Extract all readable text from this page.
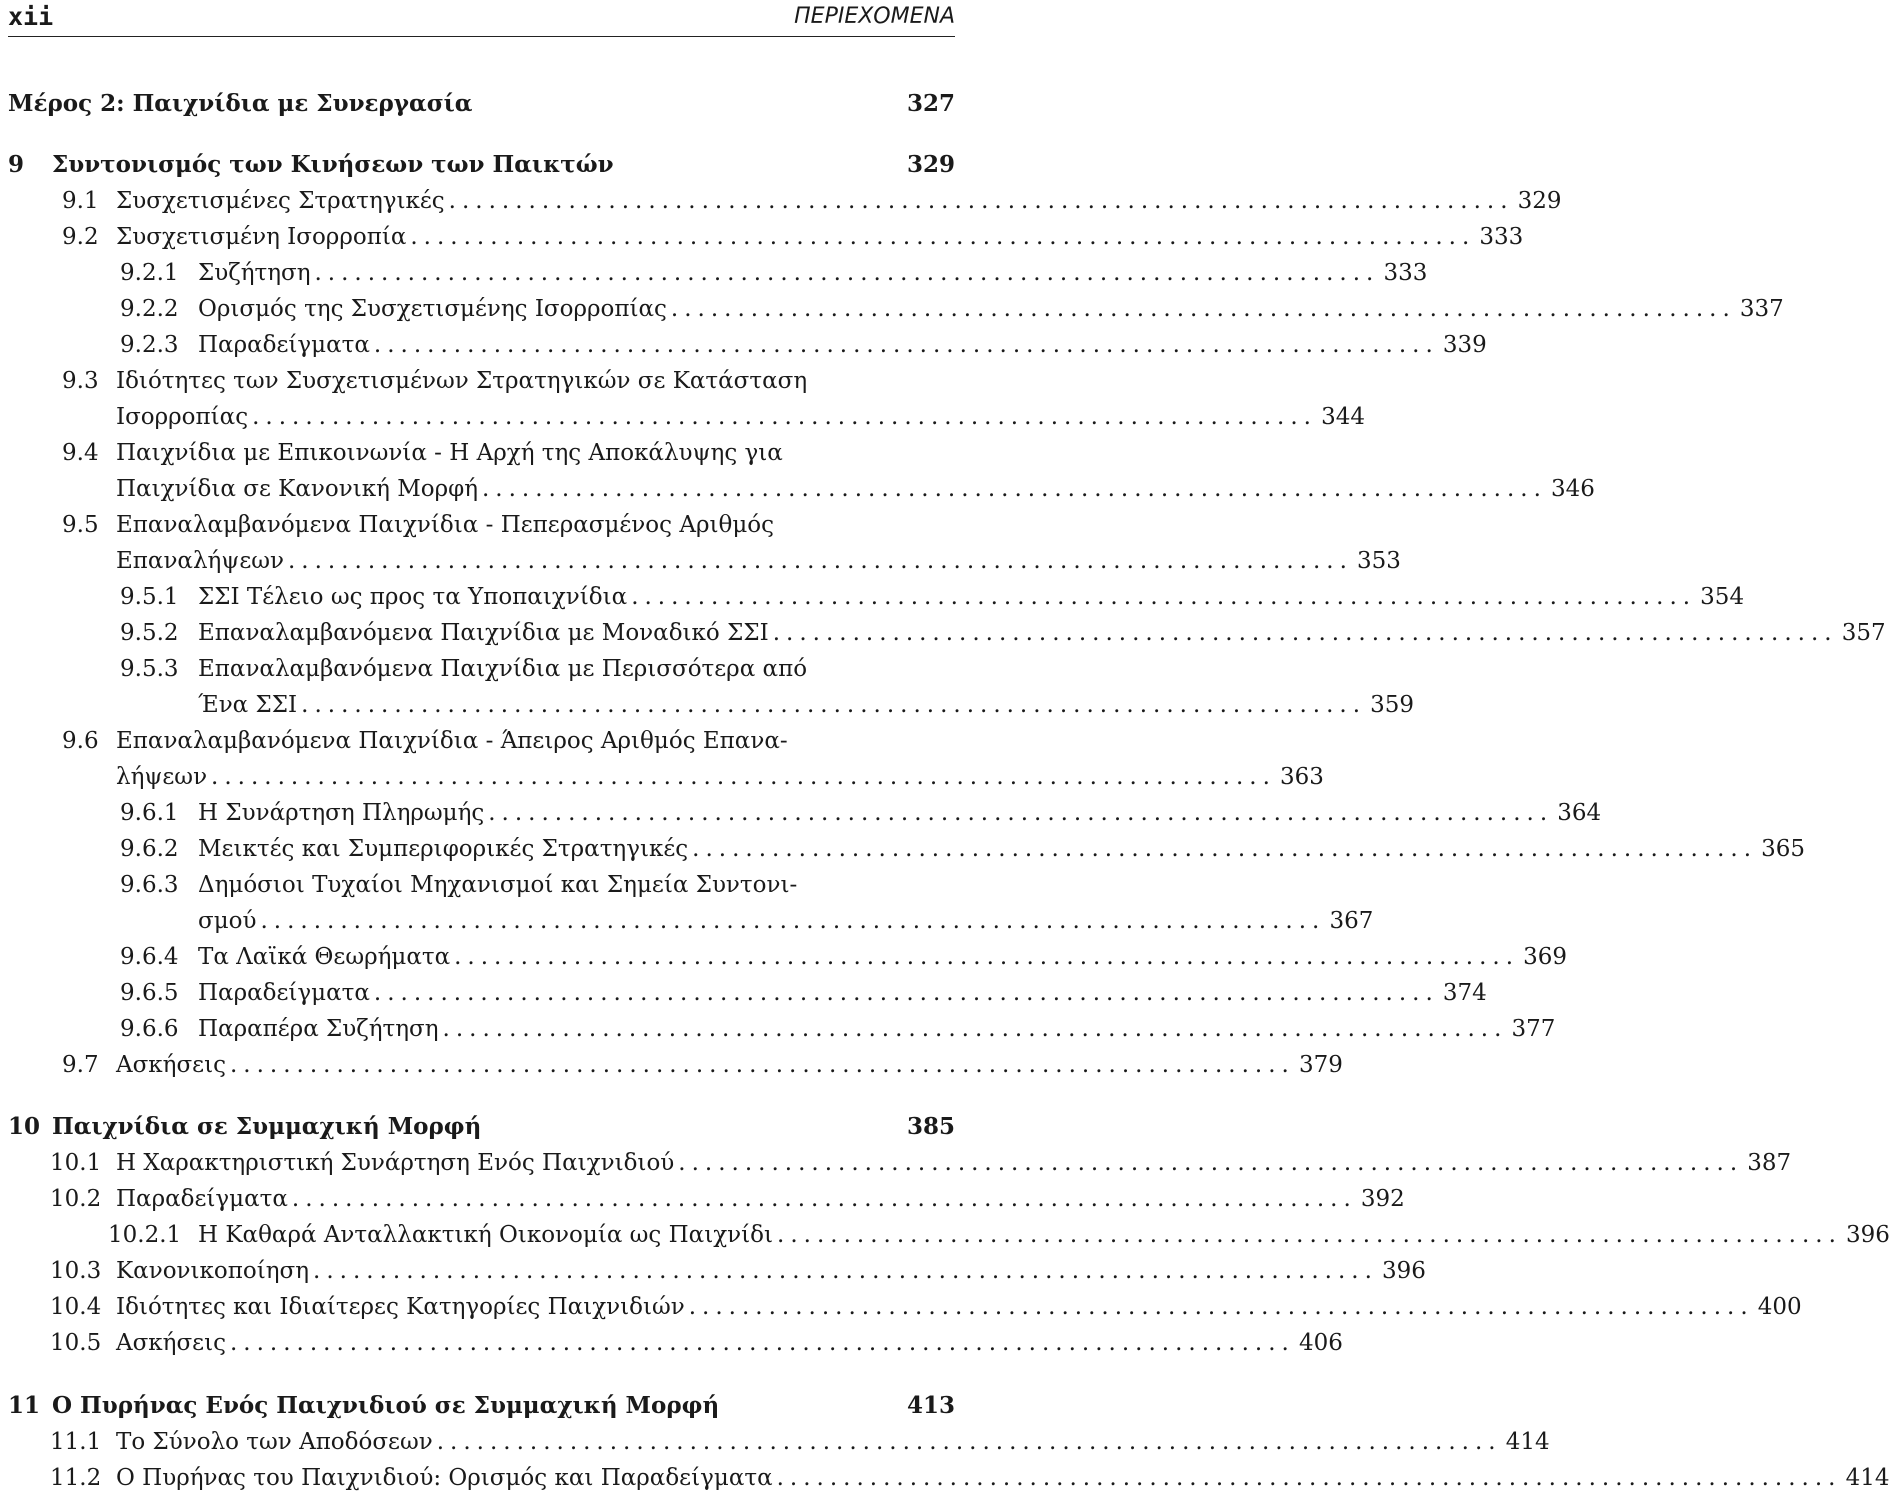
xii	ΠΕΡΙΕΧΟΜΕΝΑ
Μέρος 2: Παιχνίδια με Συνεργασία	327
9 Συντονισμός των Κινήσεων των Παικτών	329
9.1 Συσχετισμένες Στρατηγικές ................................................................................ 329
9.2 Συσχετισμένη Ισορροπία ................................................................................ 333
9.2.1 Συζήτηση ................................................................................ 333
9.2.2 Ορισμός της Συσχετισμένης Ισορροπίας ................................................................................ 337
9.2.3 Παραδείγματα ................................................................................ 339
9.3 Ιδιότητες των Συσχετισμένων Στρατηγικών σε Κατάσταση
Ισορροπίας ................................................................................ 344
9.4 Παιχνίδια με Επικοινωνία - Η Αρχή της Αποκάλυψης για
Παιχνίδια σε Κανονική Μορφή ................................................................................ 346
9.5 Επαναλαμβανόμενα Παιχνίδια - Πεπερασμένος Αριθμός
Επαναλήψεων ................................................................................ 353
9.5.1 ΣΣΙ Τέλειο ως προς τα Υποπαιχνίδια ................................................................................ 354
9.5.2 Επαναλαμβανόμενα Παιχνίδια με Μοναδικό ΣΣΙ ................................................................................ 357
9.5.3 Επαναλαμβανόμενα Παιχνίδια με Περισσότερα από
Ένα ΣΣΙ ................................................................................ 359
9.6 Επαναλαμβανόμενα Παιχνίδια - Άπειρος Αριθμός Επανα-
λήψεων ................................................................................ 363
9.6.1 Η Συνάρτηση Πληρωμής ................................................................................ 364
9.6.2 Μεικτές και Συμπεριφορικές Στρατηγικές ................................................................................ 365
9.6.3 Δημόσιοι Τυχαίοι Μηχανισμοί και Σημεία Συντονι-
σμού ................................................................................ 367
9.6.4 Τα Λαϊκά Θεωρήματα ................................................................................ 369
9.6.5 Παραδείγματα ................................................................................ 374
9.6.6 Παραπέρα Συζήτηση ................................................................................ 377
9.7 Ασκήσεις ................................................................................ 379
10 Παιχνίδια σε Συμμαχική Μορφή	385
10.1 Η Χαρακτηριστική Συνάρτηση Ενός Παιχνιδιού ................................................................................ 387
10.2 Παραδείγματα ................................................................................ 392
10.2.1 Η Καθαρά Ανταλλακτική Οικονομία ως Παιχνίδι ................................................................................ 396
10.3 Κανονικοποίηση ................................................................................ 396
10.4 Ιδιότητες και Ιδιαίτερες Κατηγορίες Παιχνιδιών ................................................................................ 400
10.5 Ασκήσεις ................................................................................ 406
11 Ο Πυρήνας Ενός Παιχνιδιού σε Συμμαχική Μορφή	413
11.1 Το Σύνολο των Αποδόσεων ................................................................................ 414
11.2 Ο Πυρήνας του Παιχνιδιού: Ορισμός και Παραδείγματα ................................................................................ 414
